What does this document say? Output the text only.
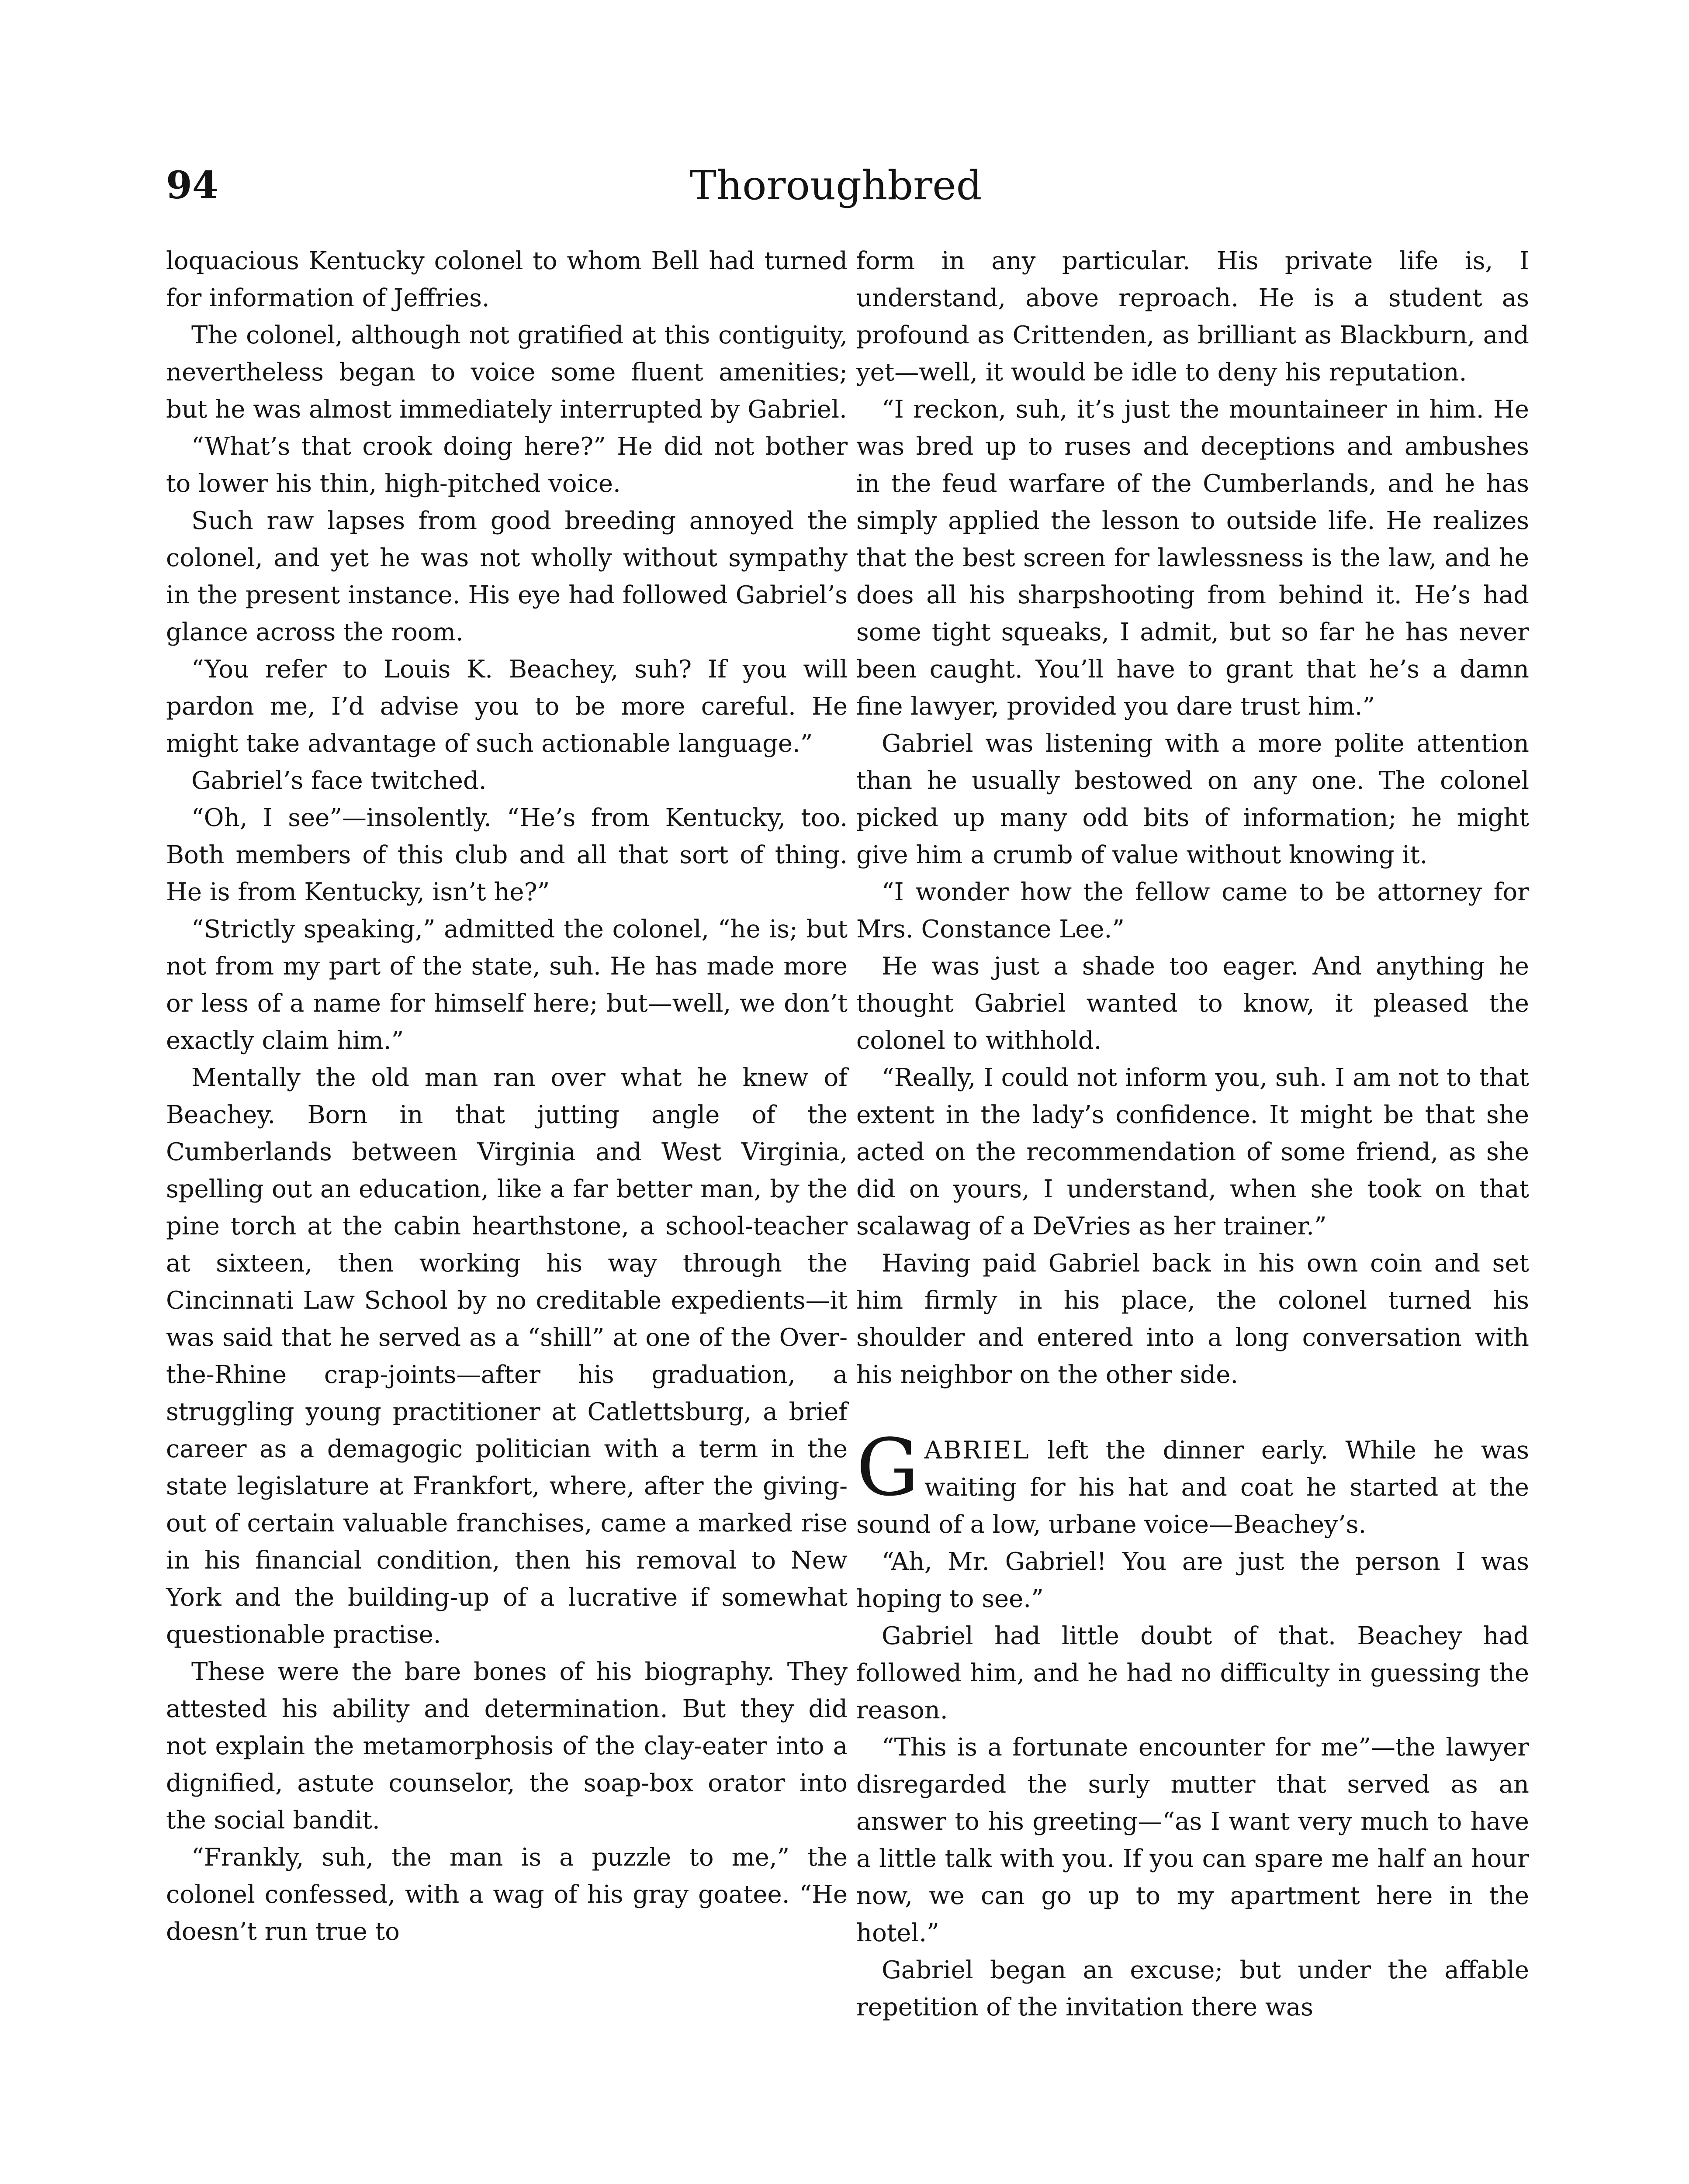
94	Thoroughbred

loquacious Kentucky colonel to whom Bell had turned for information of Jeffries.

The colonel, although not gratified at this contiguity, nevertheless began to voice some fluent amenities; but he was almost immediately interrupted by Gabriel.

“What’s that crook doing here?” He did not bother to lower his thin, high-pitched voice.

Such raw lapses from good breeding annoyed the colonel, and yet he was not wholly without sympathy in the present instance. His eye had followed Gabriel’s glance across the room.

“You refer to Louis K. Beachey, suh? If you will pardon me, I’d advise you to be more careful. He might take advantage of such actionable language.”

Gabriel’s face twitched.

“Oh, I see”—insolently. “He’s from Kentucky, too. Both members of this club and all that sort of thing. He is from Kentucky, isn’t he?”

“Strictly speaking,” admitted the colonel, “he is; but not from my part of the state, suh. He has made more or less of a name for himself here; but—well, we don’t exactly claim him.”

Mentally the old man ran over what he knew of Beachey. Born in that jutting angle of the Cumberlands between Virginia and West Virginia, spelling out an education, like a far better man, by the pine torch at the cabin hearthstone, a school-teacher at sixteen, then working his way through the Cincinnati Law School by no creditable expedients—it was said that he served as a “shill” at one of the Over-the-Rhine crap-joints—after his graduation, a struggling young practitioner at Catlettsburg, a brief career as a demagogic politician with a term in the state legislature at Frankfort, where, after the giving-out of certain valuable franchises, came a marked rise in his financial condition, then his removal to New York and the building-up of a lucrative if somewhat questionable practise.

These were the bare bones of his biography. They attested his ability and determination. But they did not explain the metamorphosis of the clay-eater into a dignified, astute counselor, the soap-box orator into the social bandit.

“Frankly, suh, the man is a puzzle to me,” the colonel confessed, with a wag of his gray goatee. “He doesn’t run true to

form in any particular. His private life is, I understand, above reproach. He is a student as profound as Crittenden, as brilliant as Blackburn, and yet—well, it would be idle to deny his reputation.

“I reckon, suh, it’s just the mountaineer in him. He was bred up to ruses and deceptions and ambushes in the feud warfare of the Cumberlands, and he has simply applied the lesson to outside life. He realizes that the best screen for lawlessness is the law, and he does all his sharpshooting from behind it. He’s had some tight squeaks, I admit, but so far he has never been caught. You’ll have to grant that he’s a damn fine lawyer, provided you dare trust him.”

Gabriel was listening with a more polite attention than he usually bestowed on any one. The colonel picked up many odd bits of information; he might give him a crumb of value without knowing it.

“I wonder how the fellow came to be attorney for Mrs. Constance Lee.”

He was just a shade too eager. And anything he thought Gabriel wanted to know, it pleased the colonel to withhold.

“Really, I could not inform you, suh. I am not to that extent in the lady’s confidence. It might be that she acted on the recommendation of some friend, as she did on yours, I understand, when she took on that scalawag of a DeVries as her trainer.”

Having paid Gabriel back in his own coin and set him firmly in his place, the colonel turned his shoulder and entered into a long conversation with his neighbor on the other side.

GABRIEL left the dinner early. While he was waiting for his hat and coat he started at the sound of a low, urbane voice—Beachey’s.

“Ah, Mr. Gabriel! You are just the person I was hoping to see.”

Gabriel had little doubt of that. Beachey had followed him, and he had no difficulty in guessing the reason.

“This is a fortunate encounter for me”—the lawyer disregarded the surly mutter that served as an answer to his greeting—“as I want very much to have a little talk with you. If you can spare me half an hour now, we can go up to my apartment here in the hotel.”

Gabriel began an excuse; but under the affable repetition of the invitation there was
